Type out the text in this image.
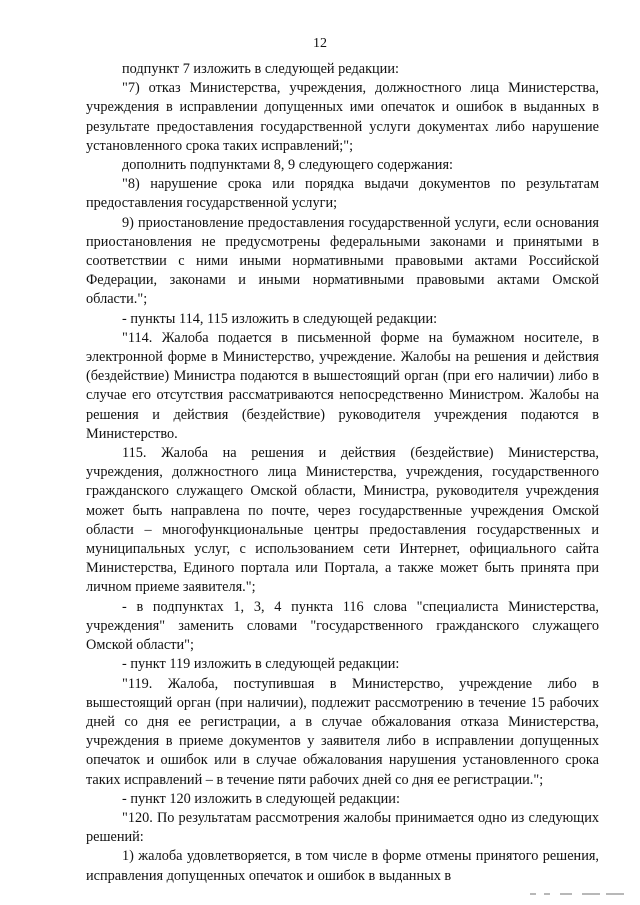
12

подпункт 7 изложить в следующей редакции:

"7) отказ Министерства, учреждения, должностного лица Министерства, учреждения в исправлении допущенных ими опечаток и ошибок в выданных в результате предоставления государственной услуги документах либо нарушение установленного срока таких исправлений;";

дополнить подпунктами 8, 9 следующего содержания:

"8) нарушение срока или порядка выдачи документов по результатам предоставления государственной услуги;

9) приостановление предоставления государственной услуги, если основания приостановления не предусмотрены федеральными законами и принятыми в соответствии с ними иными нормативными правовыми актами Российской Федерации, законами и иными нормативными правовыми актами Омской области.";

- пункты 114, 115 изложить в следующей редакции:

"114. Жалоба подается в письменной форме на бумажном носителе, в электронной форме в Министерство, учреждение. Жалобы на решения и действия (бездействие) Министра подаются в вышестоящий орган (при его наличии) либо в случае его отсутствия рассматриваются непосредственно Министром. Жалобы на решения и действия (бездействие) руководителя учреждения подаются в Министерство.

115. Жалоба на решения и действия (бездействие) Министерства, учреждения, должностного лица Министерства, учреждения, государственного гражданского служащего Омской области, Министра, руководителя учреждения может быть направлена по почте, через государственные учреждения Омской области – многофункциональные центры предоставления государственных и муниципальных услуг, с использованием сети Интернет, официального сайта Министерства, Единого портала или Портала, а также может быть принята при личном приеме заявителя.";

- в подпунктах 1, 3, 4 пункта 116 слова "специалиста Министерства, учреждения" заменить словами "государственного гражданского служащего Омской области";

- пункт 119 изложить в следующей редакции:

"119. Жалоба, поступившая в Министерство, учреждение либо в вышестоящий орган (при наличии), подлежит рассмотрению в течение 15 рабочих дней со дня ее регистрации, а в случае обжалования отказа Министерства, учреждения в приеме документов у заявителя либо в исправлении допущенных опечаток и ошибок или в случае обжалования нарушения установленного срока таких исправлений – в течение пяти рабочих дней со дня ее регистрации.";

- пункт 120 изложить в следующей редакции:

"120. По результатам рассмотрения жалобы принимается одно из следующих решений:

1) жалоба удовлетворяется, в том числе в форме отмены принятого решения, исправления допущенных опечаток и ошибок в выданных в
